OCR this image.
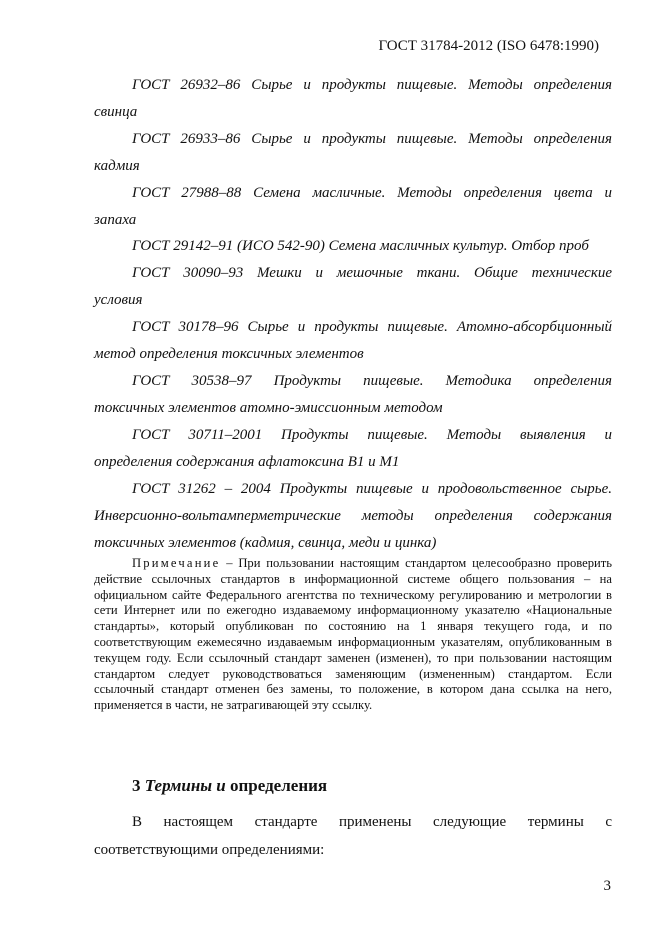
ГОСТ 31784-2012 (ISO 6478:1990)
ГОСТ 26932–86 Сырье и продукты пищевые. Методы определения
свинца
ГОСТ 26933–86 Сырье и продукты пищевые. Методы определения
кадмия
ГОСТ 27988–88 Семена масличные. Методы определения цвета и
запаха
ГОСТ 29142–91 (ИСО 542-90) Семена масличных культур. Отбор проб
ГОСТ 30090–93 Мешки и мешочные ткани. Общие технические
условия
ГОСТ 30178–96 Сырье и продукты пищевые. Атомно-абсорбционный
метод определения токсичных элементов
ГОСТ 30538–97 Продукты пищевые. Методика определения
токсичных элементов атомно-эмиссионным методом
ГОСТ 30711–2001 Продукты пищевые. Методы выявления и
определения содержания афлатоксина В1 и М1
ГОСТ 31262 – 2004 Продукты пищевые и продовольственное сырье.
Инверсионно-вольтамперметрические методы определения содержания
токсичных элементов (кадмия, свинца, меди и цинка)
Примечание – При пользовании настоящим стандартом целесообразно проверить действие ссылочных стандартов в информационной системе общего пользования – на официальном сайте Федерального агентства по техническому регулированию и метрологии в сети Интернет или по ежегодно издаваемому информационному указателю «Национальные стандарты», который опубликован по состоянию на 1 января текущего года, и по соответствующим ежемесячно издаваемым информационным указателям, опубликованным в текущем году. Если ссылочный стандарт заменен (изменен), то при пользовании настоящим стандартом следует руководствоваться заменяющим (измененным) стандартом. Если ссылочный стандарт отменен без замены, то положение, в котором дана ссылка на него, применяется в части, не затрагивающей эту ссылку.
3 Термины и определения
В настоящем стандарте применены следующие термины с
соответствующими определениями:
3
